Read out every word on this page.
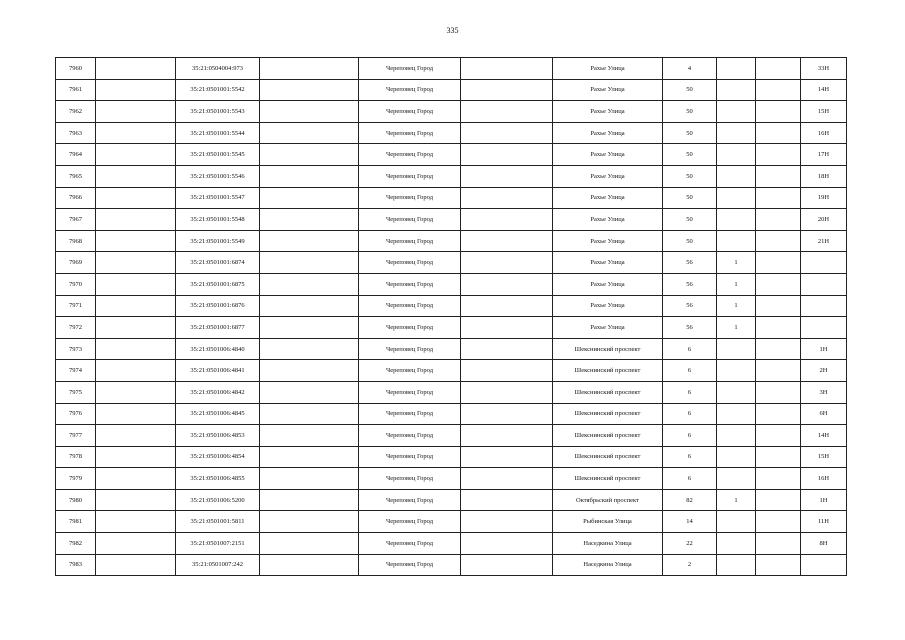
335
7960		35:21:0504004:973		Череповец Город		Рахье Улица	4			33Н
7961		35:21:0501001:5542		Череповец Город		Рахье Улица	50			14Н
7962		35:21:0501001:5543		Череповец Город		Рахье Улица	50			15Н
7963		35:21:0501001:5544		Череповец Город		Рахье Улица	50			16Н
7964		35:21:0501001:5545		Череповец Город		Рахье Улица	50			17Н
7965		35:21:0501001:5546		Череповец Город		Рахье Улица	50			18Н
7966		35:21:0501001:5547		Череповец Город		Рахье Улица	50			19Н
7967		35:21:0501001:5548		Череповец Город		Рахье Улица	50			20Н
7968		35:21:0501001:5549		Череповец Город		Рахье Улица	50			21Н
7969		35:21:0501001:6874		Череповец Город		Рахье Улица	56	1		
7970		35:21:0501001:6875		Череповец Город		Рахье Улица	56	1		
7971		35:21:0501001:6876		Череповец Город		Рахье Улица	56	1		
7972		35:21:0501001:6877		Череповец Город		Рахье Улица	56	1		
7973		35:21:0501006:4840		Череповец Город		Шекснинский проспект	6			1Н
7974		35:21:0501006:4841		Череповец Город		Шекснинский проспект	6			2Н
7975		35:21:0501006:4842		Череповец Город		Шекснинский проспект	6			3Н
7976		35:21:0501006:4845		Череповец Город		Шекснинский проспект	6			6Н
7977		35:21:0501006:4853		Череповец Город		Шекснинский проспект	6			14Н
7978		35:21:0501006:4854		Череповец Город		Шекснинский проспект	6			15Н
7979		35:21:0501006:4855		Череповец Город		Шекснинский проспект	6			16Н
7980		35:21:0501006:5200		Череповец Город		Октябрьский проспект	82	1		1Н
7981		35:21:0501001:5811		Череповец Город		Рыбинская Улица	14			11Н
7982		35:21:0501007:2151		Череповец Город		Наседкина Улица	22			8Н
7983		35:21:0501007:242		Череповец Город		Наседкина Улица	2			
